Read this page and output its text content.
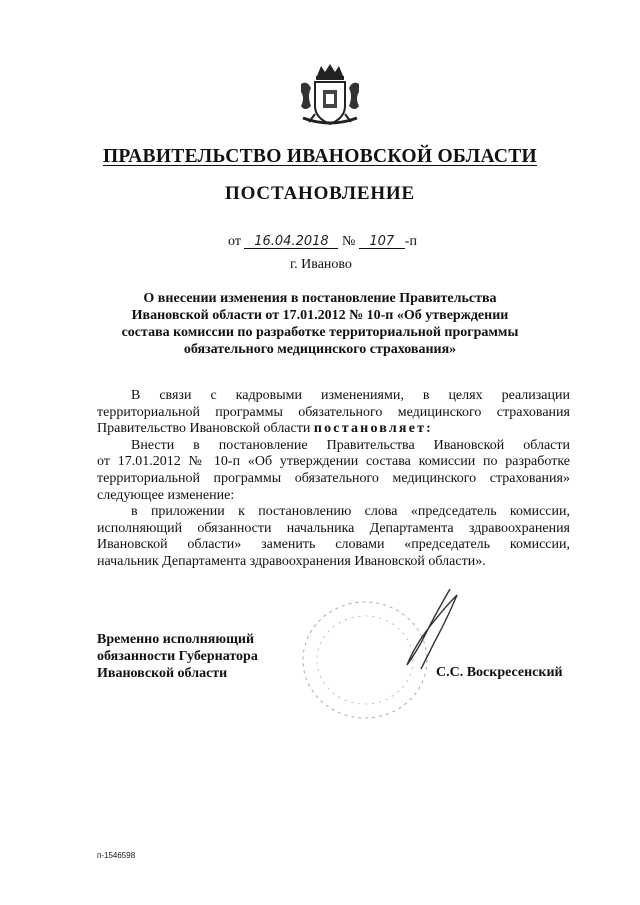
ПРАВИТЕЛЬСТВО ИВАНОВСКОЙ ОБЛАСТИ
ПОСТАНОВЛЕНИЕ
от 16.04.2018 № 107 -п
г. Иваново
О внесении изменения в постановление Правительства
Ивановской области от 17.01.2012 № 10-п «Об утверждении
состава комиссии по разработке территориальной программы
обязательного медицинского страхования»
В связи с кадровыми изменениями, в целях реализации
территориальной программы обязательного медицинского страхования
Правительство Ивановской области постановляет:
Внести в постановление Правительства Ивановской области
от 17.01.2012 № 10-п «Об утверждении состава комиссии по разработке
территориальной программы обязательного медицинского страхования»
следующее изменение:
в приложении к постановлению слова «председатель комиссии,
исполняющий обязанности начальника Департамента здравоохранения
Ивановской области» заменить словами «председатель комиссии,
начальник Департамента здравоохранения Ивановской области».
Временно исполняющий
обязанности Губернатора
Ивановской области	С.С. Воскресенский
п-1546598
